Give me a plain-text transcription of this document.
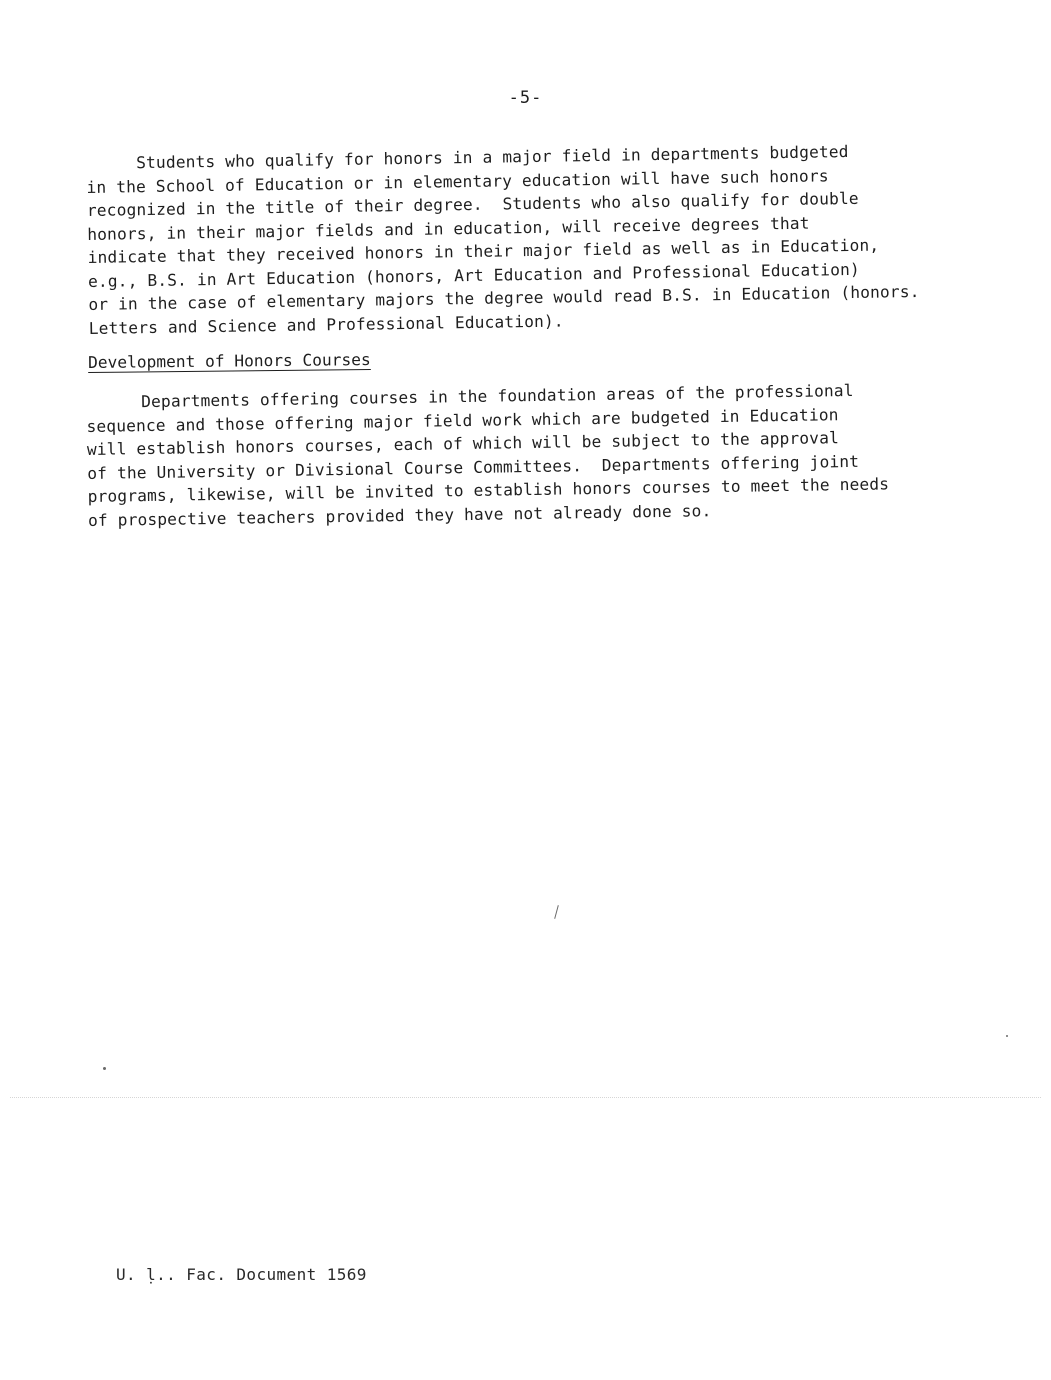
-5-
Students who qualify for honors in a major field in departments budgeted
in the School of Education or in elementary education will have such honors
recognized in the title of their degree.  Students who also qualify for double
honors, in their major fields and in education, will receive degrees that
indicate that they received honors in their major field as well as in Education,
e.g., B.S. in Art Education (honors, Art Education and Professional Education)
or in the case of elementary majors the degree would read B.S. in Education (honors.
Letters and Science and Professional Education).
Development of Honors Courses
Departments offering courses in the foundation areas of the professional
sequence and those offering major field work which are budgeted in Education
will establish honors courses, each of which will be subject to the approval
of the University or Divisional Course Committees.  Departments offering joint
programs, likewise, will be invited to establish honors courses to meet the needs
of prospective teachers provided they have not already done so.
U. ḷ.. Fac. Document 1569
